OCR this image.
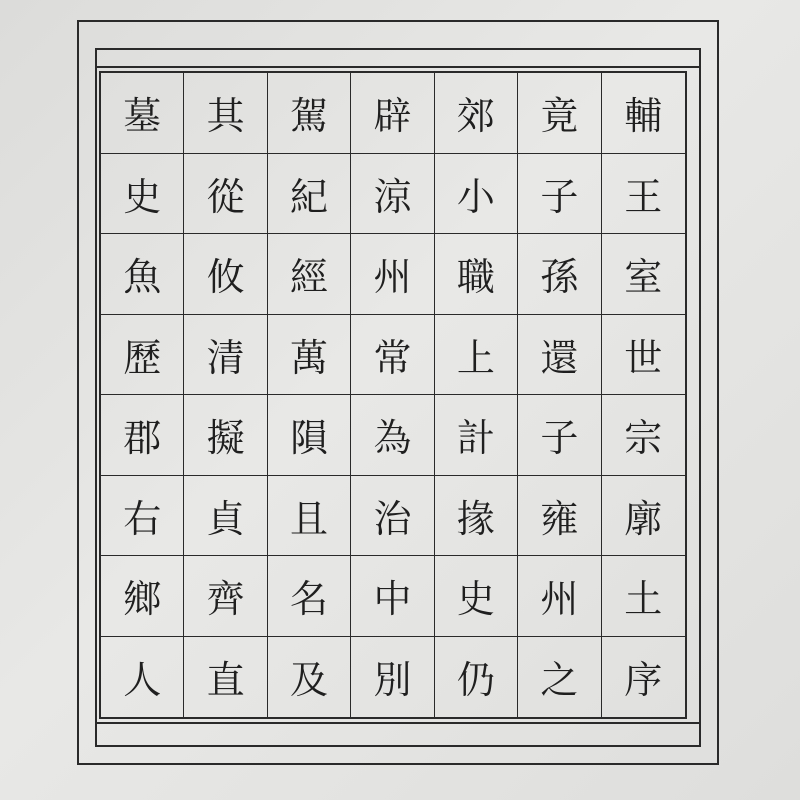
墓	其	駕	辟	郊	竟	輔
史	從	紀	涼	小	子	王
魚	攸	經	州	職	孫	室
歷	清	萬	常	上	還	世
郡	擬	隕	為	計	子	宗
右	貞	且	治	掾	雍	廓
鄉	齊	名	中	史	州	土
人	直	及	別	仍	之	序
